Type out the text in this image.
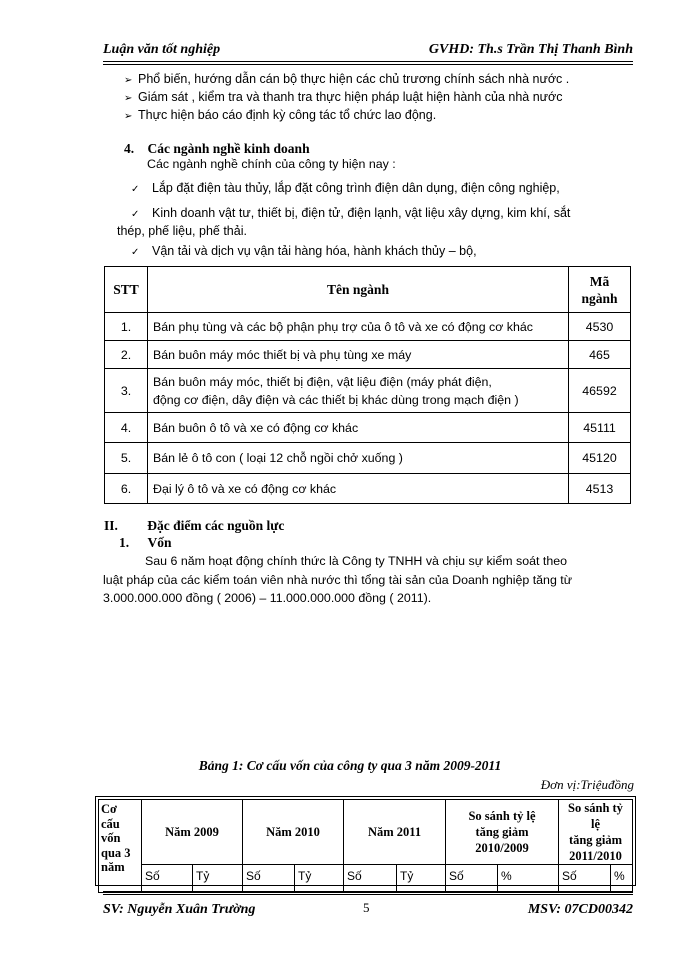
Luận văn tốt nghiệp	GVHD: Th.s Trần Thị Thanh Bình
➢ Phổ biến, hướng dẫn cán bộ thực hiện các chủ trương chính sách nhà nước .
➢ Giám sát , kiểm tra và thanh tra thực hiện pháp luật hiện hành của nhà nước
➢ Thực hiện báo cáo định kỳ công tác tổ chức lao động.
4. Các ngành nghề kinh doanh
Các ngành nghề chính của công ty hiện nay :
✓ Lắp đặt điện tàu thủy, lắp đặt công trình điện dân dụng, điện công nghiệp,
✓ Kinh doanh vật tư, thiết bị, điện tử, điện lạnh, vật liệu xây dựng, kim khí, sắt
thép, phế liệu, phế thải.
✓ Vận tải và dịch vụ vận tải hàng hóa, hành khách thủy – bộ,
STT	Tên ngành	Mã
ngành
1.	Bán phụ tùng và các bộ phận phụ trợ của ô tô và xe có động cơ khác	4530
2.	Bán buôn máy móc thiết bị và phụ tùng xe máy	465
3.	Bán buôn máy móc, thiết bị điện, vật liệu điện (máy phát điện,
động cơ điện, dây điện và các thiết bị khác dùng trong mạch điện )	46592
4.	Bán buôn ô tô và xe có động cơ khác	45111
5.	Bán lẻ ô tô con ( loại 12 chỗ ngồi chở xuống )	45120
6.	Đại lý ô tô và xe có động cơ khác	4513
II. Đặc điểm các nguồn lực
1. Vốn
Sau 6 năm hoạt động chính thức là Công ty TNHH và chịu sự kiểm soát theo
luật pháp của các kiểm toán viên nhà nước thì tổng tài sản của Doanh nghiệp tăng từ
3.000.000.000 đồng ( 2006) – 11.000.000.000 đồng ( 2011).
Bảng 1: Cơ cấu vốn của công ty qua 3 năm 2009-2011
Đơn vị:Triệuđồng
Cơ
cấu
vốn
qua 3
năm	Năm 2009		Năm 2010		Năm 2011		So sánh tỷ lệ
tăng giảm
2010/2009		So sánh tỷ lệ
tăng giảm
2011/2010	
	Số	Tỷ	Số	Tỷ	Số	Tỷ	Số	%	Số	%
SV: Nguyễn Xuân Trường	5	MSV: 07CD00342
